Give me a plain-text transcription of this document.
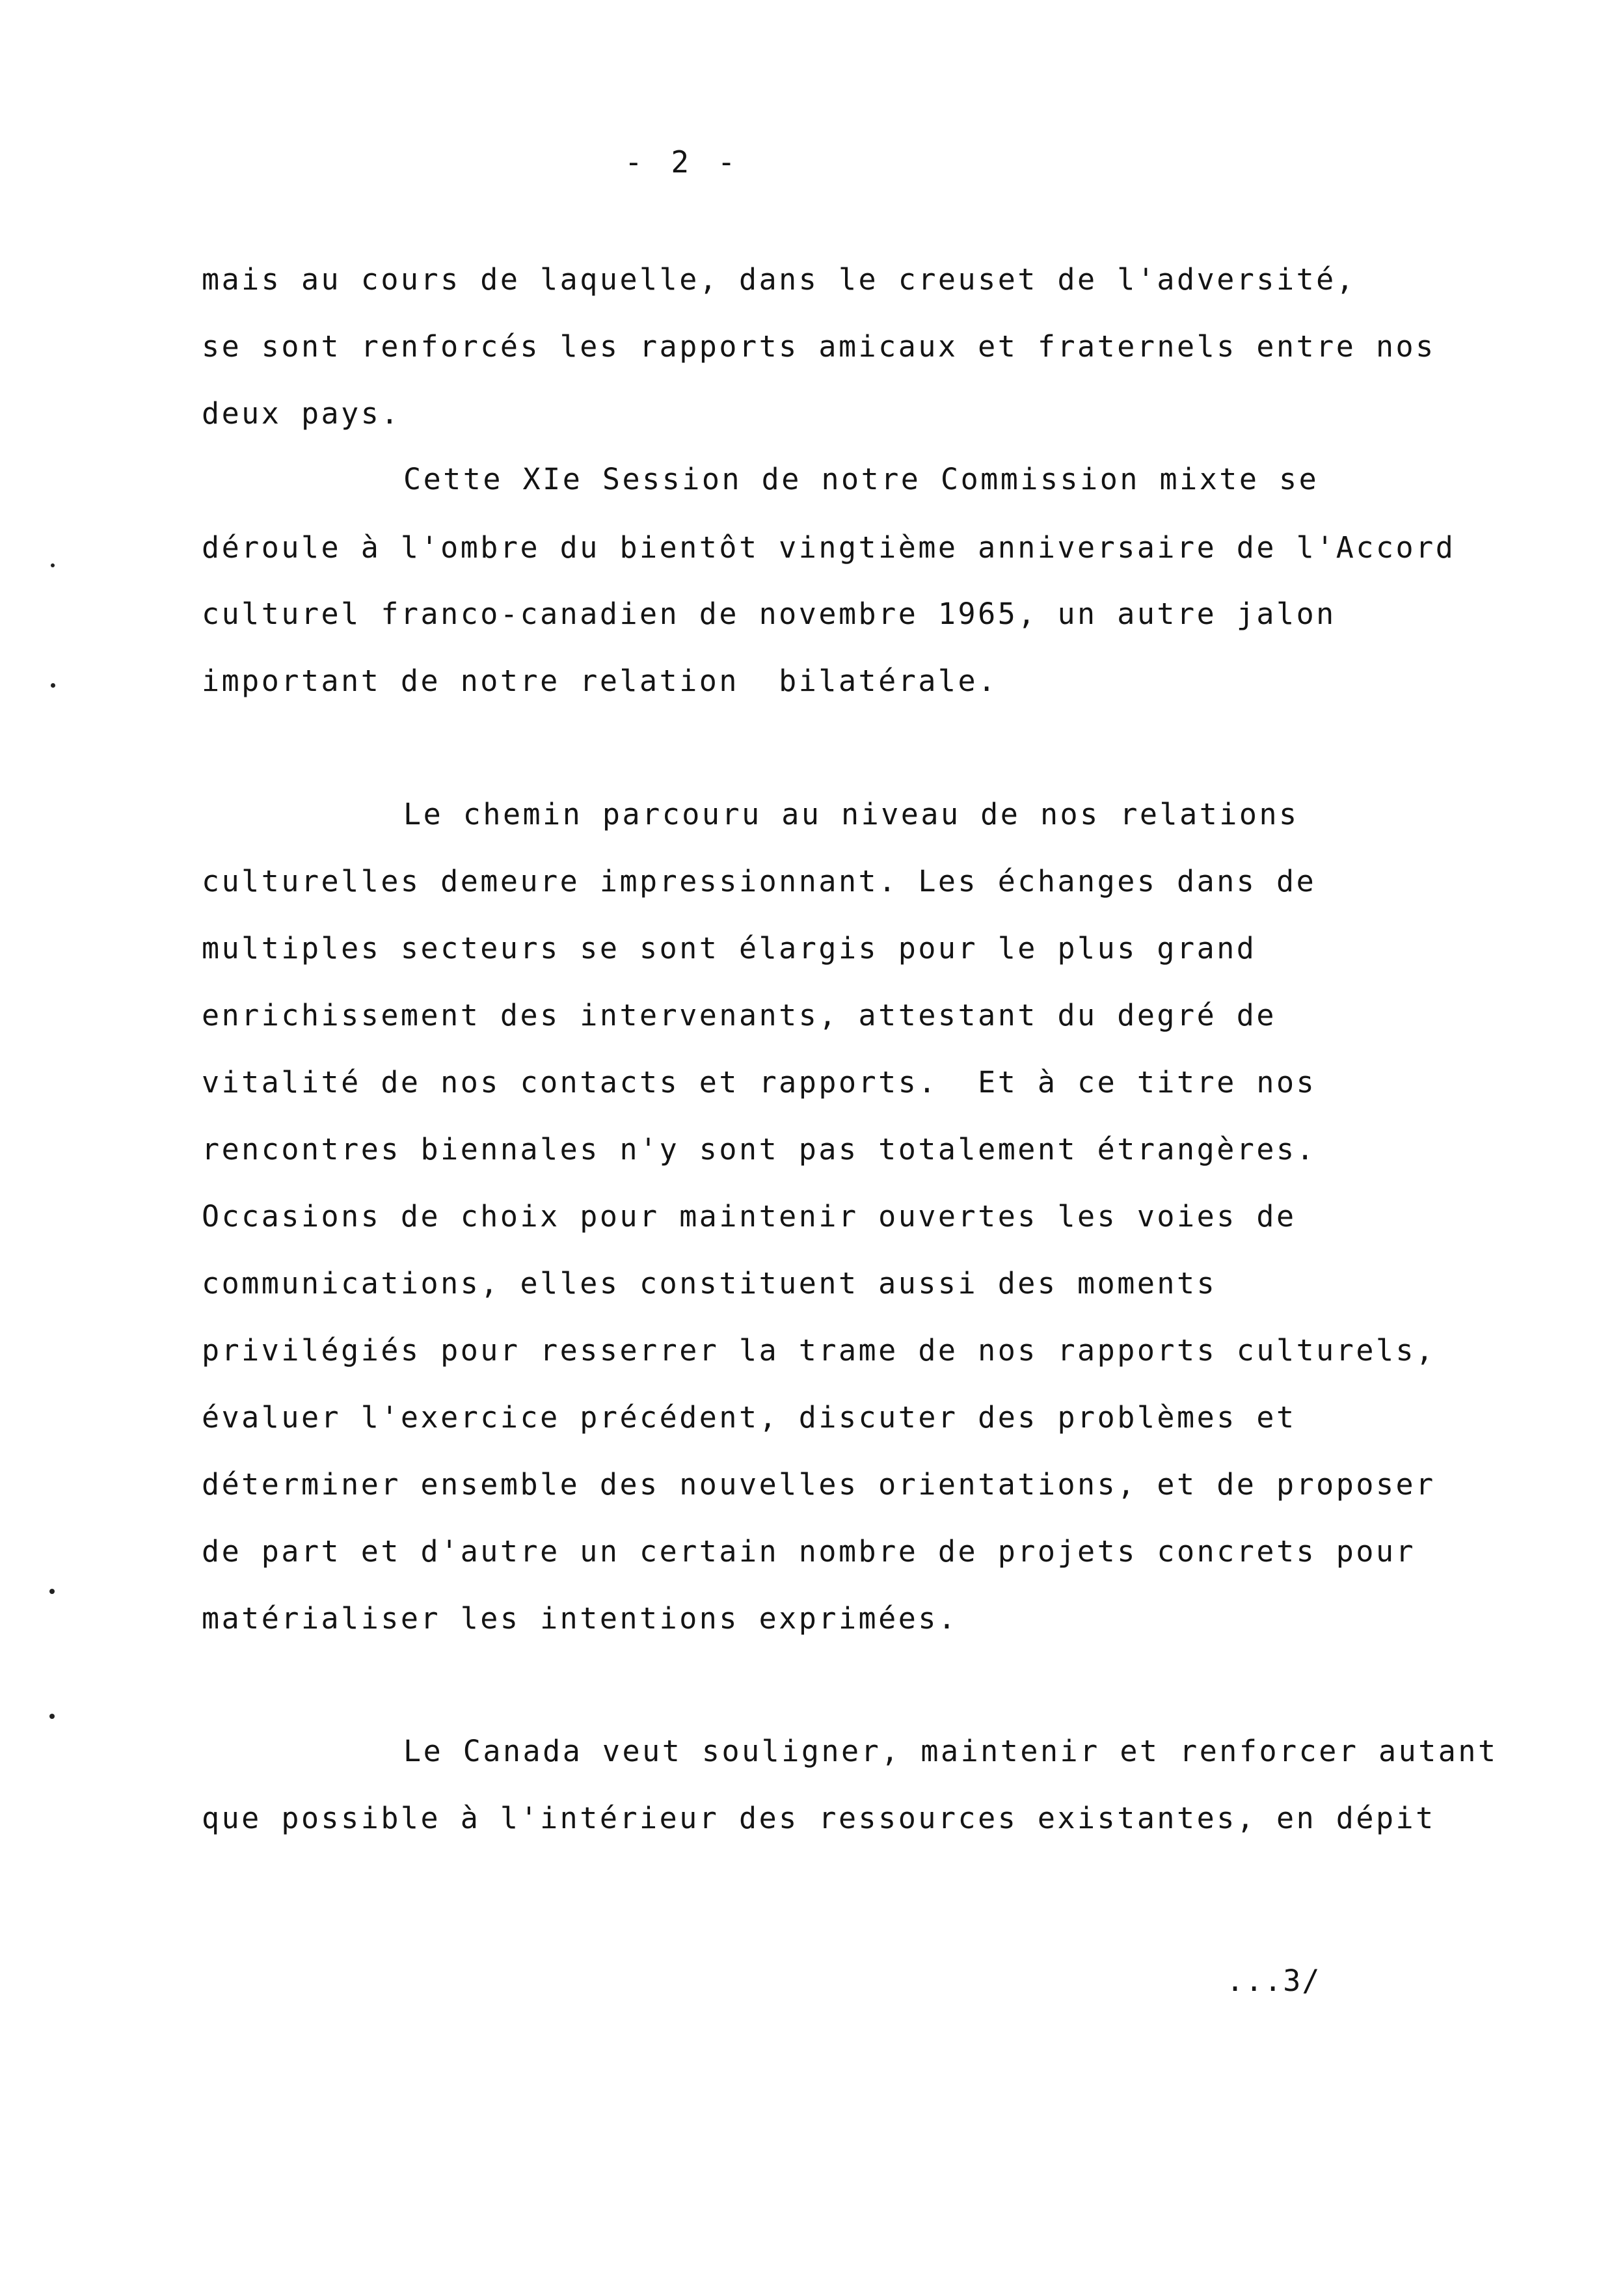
- 2 -
mais au cours de laquelle, dans le creuset de l'adversité,
se sont renforcés les rapports amicaux et fraternels entre nos
deux pays.
Cette XIe Session de notre Commission mixte se
déroule à l'ombre du bientôt vingtième anniversaire de l'Accord
culturel franco-canadien de novembre 1965, un autre jalon
important de notre relation  bilatérale.
Le chemin parcouru au niveau de nos relations
culturelles demeure impressionnant. Les échanges dans de
multiples secteurs se sont élargis pour le plus grand
enrichissement des intervenants, attestant du degré de
vitalité de nos contacts et rapports.  Et à ce titre nos
rencontres biennales n'y sont pas totalement étrangères.
Occasions de choix pour maintenir ouvertes les voies de
communications, elles constituent aussi des moments
privilégiés pour resserrer la trame de nos rapports culturels,
évaluer l'exercice précédent, discuter des problèmes et
déterminer ensemble des nouvelles orientations, et de proposer
de part et d'autre un certain nombre de projets concrets pour
matérialiser les intentions exprimées.
Le Canada veut souligner, maintenir et renforcer autant
que possible à l'intérieur des ressources existantes, en dépit
...3/
